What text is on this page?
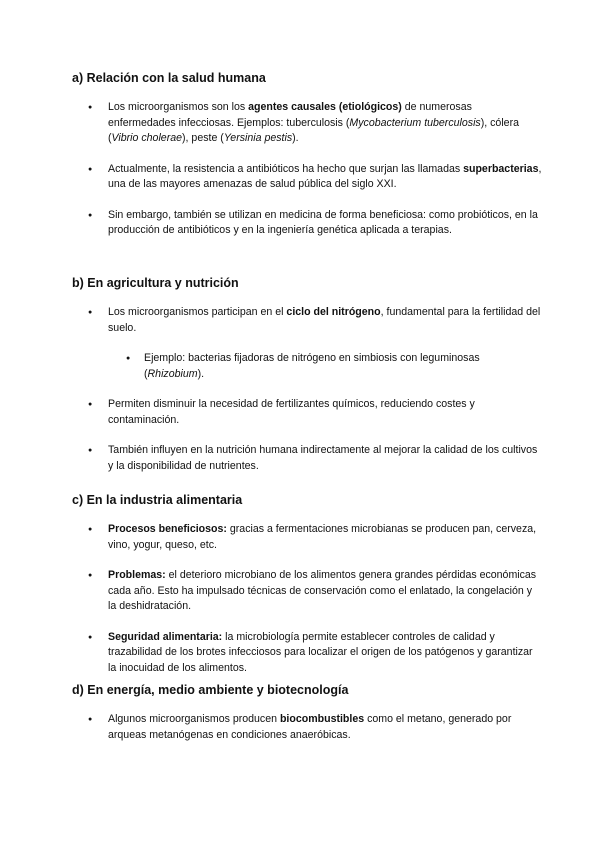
a) Relación con la salud humana
● Los microorganismos son los agentes causales (etiológicos) de numerosas enfermedades infecciosas. Ejemplos: tuberculosis (Mycobacterium tuberculosis), cólera (Vibrio cholerae), peste (Yersinia pestis).
● Actualmente, la resistencia a antibióticos ha hecho que surjan las llamadas superbacterias, una de las mayores amenazas de salud pública del siglo XXI.
● Sin embargo, también se utilizan en medicina de forma beneficiosa: como probióticos, en la producción de antibióticos y en la ingeniería genética aplicada a terapias.
b) En agricultura y nutrición
● Los microorganismos participan en el ciclo del nitrógeno, fundamental para la fertilidad del suelo.
● Ejemplo: bacterias fijadoras de nitrógeno en simbiosis con leguminosas (Rhizobium).
● Permiten disminuir la necesidad de fertilizantes químicos, reduciendo costes y contaminación.
● También influyen en la nutrición humana indirectamente al mejorar la calidad de los cultivos y la disponibilidad de nutrientes.
c) En la industria alimentaria
● Procesos beneficiosos: gracias a fermentaciones microbianas se producen pan, cerveza, vino, yogur, queso, etc.
● Problemas: el deterioro microbiano de los alimentos genera grandes pérdidas económicas cada año. Esto ha impulsado técnicas de conservación como el enlatado, la congelación y la deshidratación.
● Seguridad alimentaria: la microbiología permite establecer controles de calidad y trazabilidad de los brotes infecciosos para localizar el origen de los patógenos y garantizar la inocuidad de los alimentos.
d) En energía, medio ambiente y biotecnología
● Algunos microorganismos producen biocombustibles como el metano, generado por arqueas metanógenas en condiciones anaeróbicas.
